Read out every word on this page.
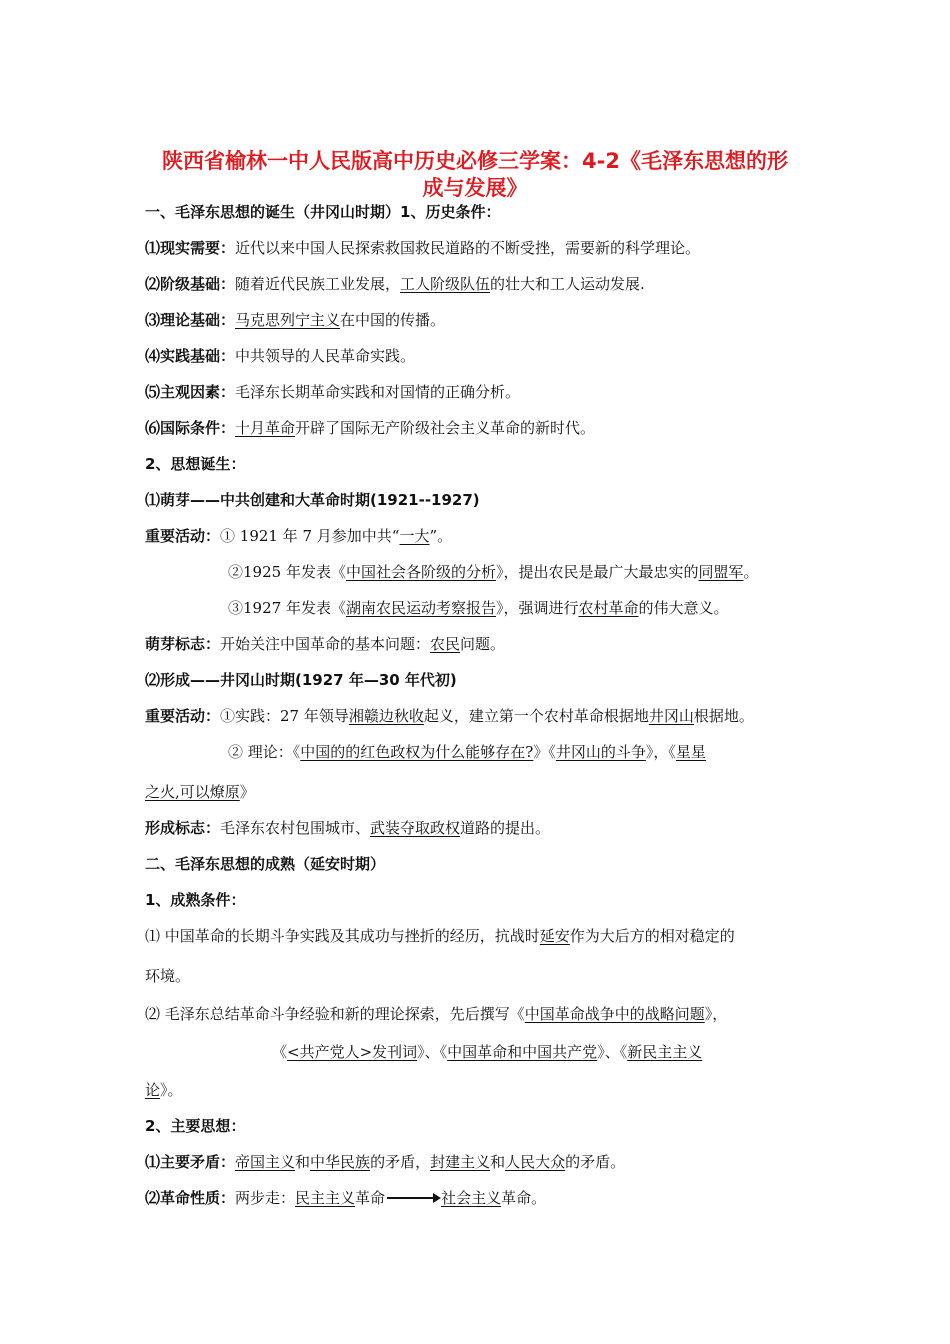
陕西省榆林一中人民版高中历史必修三学案：4-2《毛泽东思想的形
成与发展》
一、毛泽东思想的诞生（井冈山时期）1、历史条件：
⑴现实需要：近代以来中国人民探索救国救民道路的不断受挫，需要新的科学理论。
⑵阶级基础：随着近代民族工业发展，工人阶级队伍的壮大和工人运动发展.
⑶理论基础：马克思列宁主义在中国的传播。
⑷实践基础：中共领导的人民革命实践。
⑸主观因素：毛泽东长期革命实践和对国情的正确分析。
⑹国际条件：十月革命开辟了国际无产阶级社会主义革命的新时代。
2、思想诞生：
⑴萌芽——中共创建和大革命时期(1921--1927)
重要活动：① 1921 年 7 月参加中共“一大”。
②1925 年发表《中国社会各阶级的分析》，提出农民是最广大最忠实的同盟军。
③1927 年发表《湖南农民运动考察报告》，强调进行农村革命的伟大意义。
萌芽标志：开始关注中国革命的基本问题：农民问题。
⑵形成——井冈山时期(1927 年—30 年代初)
重要活动：①实践：27 年领导湘赣边秋收起义，建立第一个农村革命根据地井冈山根据地。
② 理论：《中国的的红色政权为什么能够存在?》《井冈山的斗争》，《星星
之火,可以燎原》
形成标志：毛泽东农村包围城市、武装夺取政权道路的提出。
二、毛泽东思想的成熟（延安时期）
1、成熟条件：
⑴ 中国革命的长期斗争实践及其成功与挫折的经历，抗战时延安作为大后方的相对稳定的
环境。
⑵ 毛泽东总结革命斗争经验和新的理论探索，先后撰写《中国革命战争中的战略问题》，
《<共产党人>发刊词》、《中国革命和中国共产党》、《新民主主义
论》。
2、主要思想：
⑴主要矛盾：帝国主义和中华民族的矛盾，封建主义和人民大众的矛盾。
⑵革命性质：两步走：民主主义革命	社会主义革命。
